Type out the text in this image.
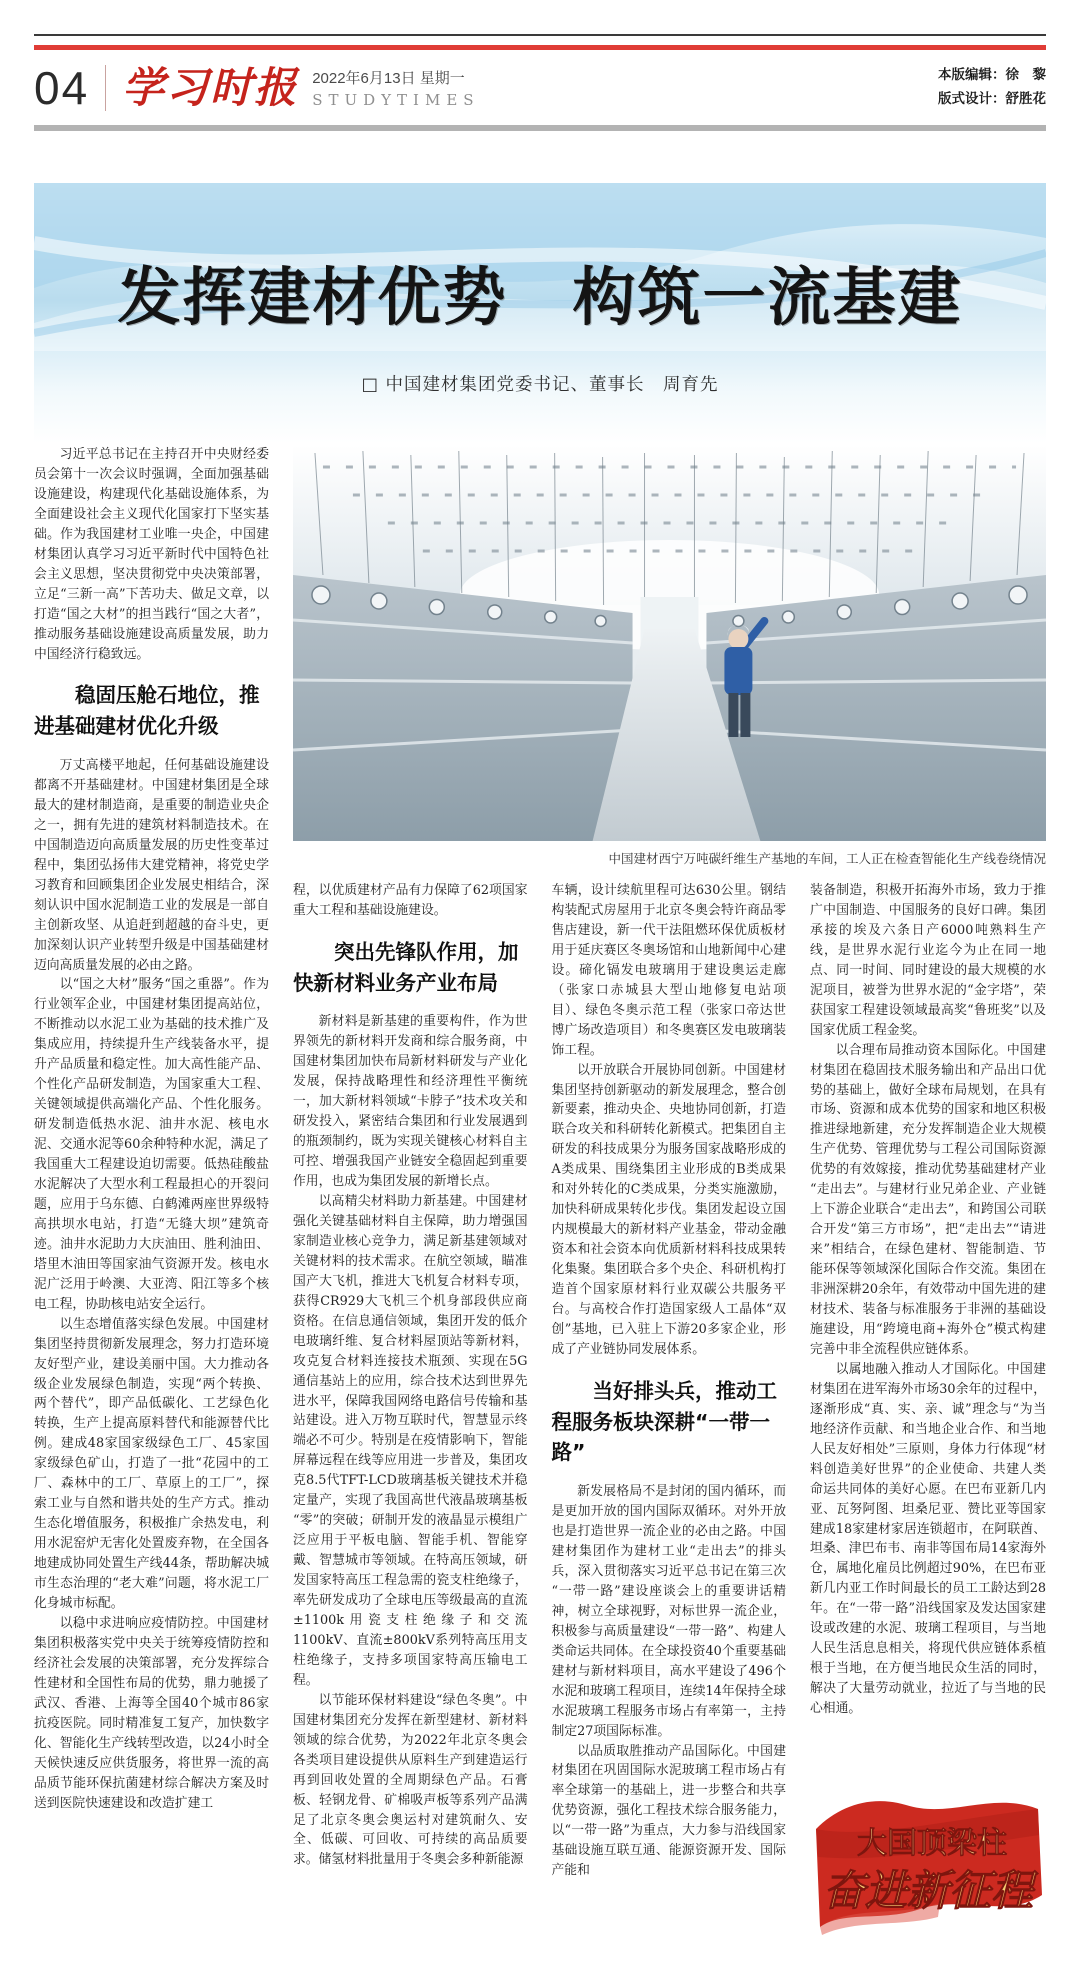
04 学习时报 2022年6月13日 星期一
STUDYTIMES
本版编辑：徐　黎
版式设计：舒胜花
发挥建材优势　构筑一流基建
□ 中国建材集团党委书记、董事长　周育先

习近平总书记在主持召开中央财经委员会第十一次会议时强调，全面加强基础设施建设，构建现代化基础设施体系，为全面建设社会主义现代化国家打下坚实基础。作为我国建材工业唯一央企，中国建材集团认真学习习近平新时代中国特色社会主义思想，坚决贯彻党中央决策部署，立足“三新一高”下苦功夫、做足文章，以打造“国之大材”的担当践行“国之大者”，推动服务基础设施建设高质量发展，助力中国经济行稳致远。

稳固压舱石地位，推进基础建材优化升级

万丈高楼平地起，任何基础设施建设都离不开基础建材。中国建材集团是全球最大的建材制造商，是重要的制造业央企之一，拥有先进的建筑材料制造技术。在中国制造迈向高质量发展的历史性变革过程中，集团弘扬伟大建党精神，将党史学习教育和回顾集团企业发展史相结合，深刻认识中国水泥制造工业的发展是一部自主创新攻坚、从追赶到超越的奋斗史，更加深刻认识产业转型升级是中国基础建材迈向高质量发展的必由之路。

以“国之大材”服务“国之重器”。作为行业领军企业，中国建材集团提高站位，不断推动以水泥工业为基础的技术推广及集成应用，持续提升生产线装备水平，提升产品质量和稳定性。加大高性能产品、个性化产品研发制造，为国家重大工程、关键领域提供高端化产品、个性化服务。研发制造低热水泥、油井水泥、核电水泥、交通水泥等60余种特种水泥，满足了我国重大工程建设迫切需要。低热硅酸盐水泥解决了大型水利工程最担心的开裂问题，应用于乌东德、白鹤滩两座世界级特高拱坝水电站，打造“无缝大坝”建筑奇迹。油井水泥助力大庆油田、胜利油田、塔里木油田等国家油气资源开发。核电水泥广泛用于岭澳、大亚湾、阳江等多个核电工程，协助核电站安全运行。

以生态增值落实绿色发展。中国建材集团坚持贯彻新发展理念，努力打造环境友好型产业，建设美丽中国。大力推动各级企业发展绿色制造，实现“两个转换、两个替代”，即产品低碳化、工艺绿色化转换，生产上提高原料替代和能源替代比例。建成48家国家级绿色工厂、45家国家级绿色矿山，打造了一批“花园中的工厂、森林中的工厂、草原上的工厂”，探索工业与自然和谐共处的生产方式。推动生态化增值服务，积极推广余热发电，利用水泥窑炉无害化处置废弃物，在全国各地建成协同处置生产线44条，帮助解决城市生态治理的“老大难”问题，将水泥工厂化身城市标配。

以稳中求进响应疫情防控。中国建材集团积极落实党中央关于统筹疫情防控和经济社会发展的决策部署，充分发挥综合性建材和全国性布局的优势，鼎力驰援了武汉、香港、上海等全国40个城市86家抗疫医院。同时精准复工复产，加快数字化、智能化生产线转型改造，以24小时全天候快速反应供货服务，将世界一流的高品质节能环保抗菌建材综合解决方案及时送到医院快速建设和改造扩建工

中国建材西宁万吨碳纤维生产基地的车间，工人正在检查智能化生产线卷绕情况

程，以优质建材产品有力保障了62项国家重大工程和基础设施建设。

突出先锋队作用，加快新材料业务产业布局

新材料是新基建的重要构件，作为世界领先的新材料开发商和综合服务商，中国建材集团加快布局新材料研发与产业化发展，保持战略理性和经济理性平衡统一，加大新材料领域“卡脖子”技术攻关和研发投入，紧密结合集团和行业发展遇到的瓶颈制约，既为实现关键核心材料自主可控、增强我国产业链安全稳固起到重要作用，也成为集团发展的新增长点。

以高精尖材料助力新基建。中国建材强化关键基础材料自主保障，助力增强国家制造业核心竞争力，满足新基建领域对关键材料的技术需求。在航空领域，瞄准国产大飞机，推进大飞机复合材料专项，获得CR929大飞机三个机身部段供应商资格。在信息通信领域，集团开发的低介电玻璃纤维、复合材料屋顶站等新材料，攻克复合材料连接技术瓶颈、实现在5G通信基站上的应用，综合技术达到世界先进水平，保障我国网络电路信号传输和基站建设。进入万物互联时代，智慧显示终端必不可少。特别是在疫情影响下，智能屏幕远程在线等应用进一步普及，集团攻克8.5代TFT-LCD玻璃基板关键技术并稳定量产，实现了我国高世代液晶玻璃基板“零”的突破；研制开发的液晶显示模组广泛应用于平板电脑、智能手机、智能穿戴、智慧城市等领域。在特高压领域，研发国家特高压工程急需的瓷支柱绝缘子，率先研发成功了全球电压等级最高的直流±1100k用瓷支柱绝缘子和交流1100kV、直流±800kV系列特高压用支柱绝缘子，支持多项国家特高压输电工程。

以节能环保材料建设“绿色冬奥”。中国建材集团充分发挥在新型建材、新材料领域的综合优势，为2022年北京冬奥会各类项目建设提供从原料生产到建造运行再到回收处置的全周期绿色产品。石膏板、轻钢龙骨、矿棉吸声板等系列产品满足了北京冬奥会奥运村对建筑耐久、安全、低碳、可回收、可持续的高品质要求。储氢材料批量用于冬奥会多种新能源

车辆，设计续航里程可达630公里。钢结构装配式房屋用于北京冬奥会特许商品零售店建设，新一代干法阻燃环保优质板材用于延庆赛区冬奥场馆和山地新闻中心建设。碲化镉发电玻璃用于建设奥运走廊（张家口赤城县大型山地修复电站项目）、绿色冬奥示范工程（张家口帝达世博广场改造项目）和冬奥赛区发电玻璃装饰工程。

以开放联合开展协同创新。中国建材集团坚持创新驱动的新发展理念，整合创新要素，推动央企、央地协同创新，打造联合攻关和科研转化新模式。把集团自主研发的科技成果分为服务国家战略形成的A类成果、围绕集团主业形成的B类成果和对外转化的C类成果，分类实施激励，加快科研成果转化步伐。集团发起设立国内规模最大的新材料产业基金，带动金融资本和社会资本向优质新材料科技成果转化集聚。集团联合多个央企、科研机构打造首个国家原材料行业双碳公共服务平台。与高校合作打造国家级人工晶体“双创”基地，已入驻上下游20多家企业，形成了产业链协同发展体系。

当好排头兵，推动工程服务板块深耕“一带一路”

新发展格局不是封闭的国内循环，而是更加开放的国内国际双循环。对外开放也是打造世界一流企业的必由之路。中国建材集团作为建材工业“走出去”的排头兵，深入贯彻落实习近平总书记在第三次“一带一路”建设座谈会上的重要讲话精神，树立全球视野，对标世界一流企业，积极参与高质量建设“一带一路”、构建人类命运共同体。在全球投资40个重要基础建材与新材料项目，高水平建设了496个水泥和玻璃工程项目，连续14年保持全球水泥玻璃工程服务市场占有率第一，主持制定27项国际标准。

以品质取胜推动产品国际化。中国建材集团在巩固国际水泥玻璃工程市场占有率全球第一的基础上，进一步整合和共享优势资源，强化工程技术综合服务能力，以“一带一路”为重点，大力参与沿线国家基础设施互联互通、能源资源开发、国际产能和

装备制造，积极开拓海外市场，致力于推广中国制造、中国服务的良好口碑。集团承接的埃及六条日产6000吨熟料生产线，是世界水泥行业迄今为止在同一地点、同一时间、同时建设的最大规模的水泥项目，被誉为世界水泥的“金字塔”，荣获国家工程建设领域最高奖“鲁班奖”以及国家优质工程金奖。

以合理布局推动资本国际化。中国建材集团在稳固技术服务输出和产品出口优势的基础上，做好全球布局规划，在具有市场、资源和成本优势的国家和地区积极推进绿地新建，充分发挥制造企业大规模生产优势、管理优势与工程公司国际资源优势的有效嫁接，推动优势基础建材产业“走出去”。与建材行业兄弟企业、产业链上下游企业联合“走出去”，和跨国公司联合开发“第三方市场”，把“走出去”“请进来”相结合，在绿色建材、智能制造、节能环保等领域深化国际合作交流。集团在非洲深耕20余年，有效带动中国先进的建材技术、装备与标准服务于非洲的基础设施建设，用“跨境电商+海外仓”模式构建完善中非全流程供应链体系。

以属地融入推动人才国际化。中国建材集团在进军海外市场30余年的过程中，逐渐形成“真、实、亲、诚”理念与“为当地经济作贡献、和当地企业合作、和当地人民友好相处”三原则，身体力行体现“材料创造美好世界”的企业使命、共建人类命运共同体的美好心愿。在巴布亚新几内亚、瓦努阿图、坦桑尼亚、赞比亚等国家建成18家建材家居连锁超市，在阿联酋、坦桑、津巴布韦、南非等国布局14家海外仓，属地化雇员比例超过90%，在巴布亚新几内亚工作时间最长的员工工龄达到28年。在“一带一路”沿线国家及发达国家建设或改建的水泥、玻璃工程项目，与当地人民生活息息相关，将现代供应链体系植根于当地，在方便当地民众生活的同时，解决了大量劳动就业，拉近了与当地的民心相通。

大国顶梁柱
奋进新征程
